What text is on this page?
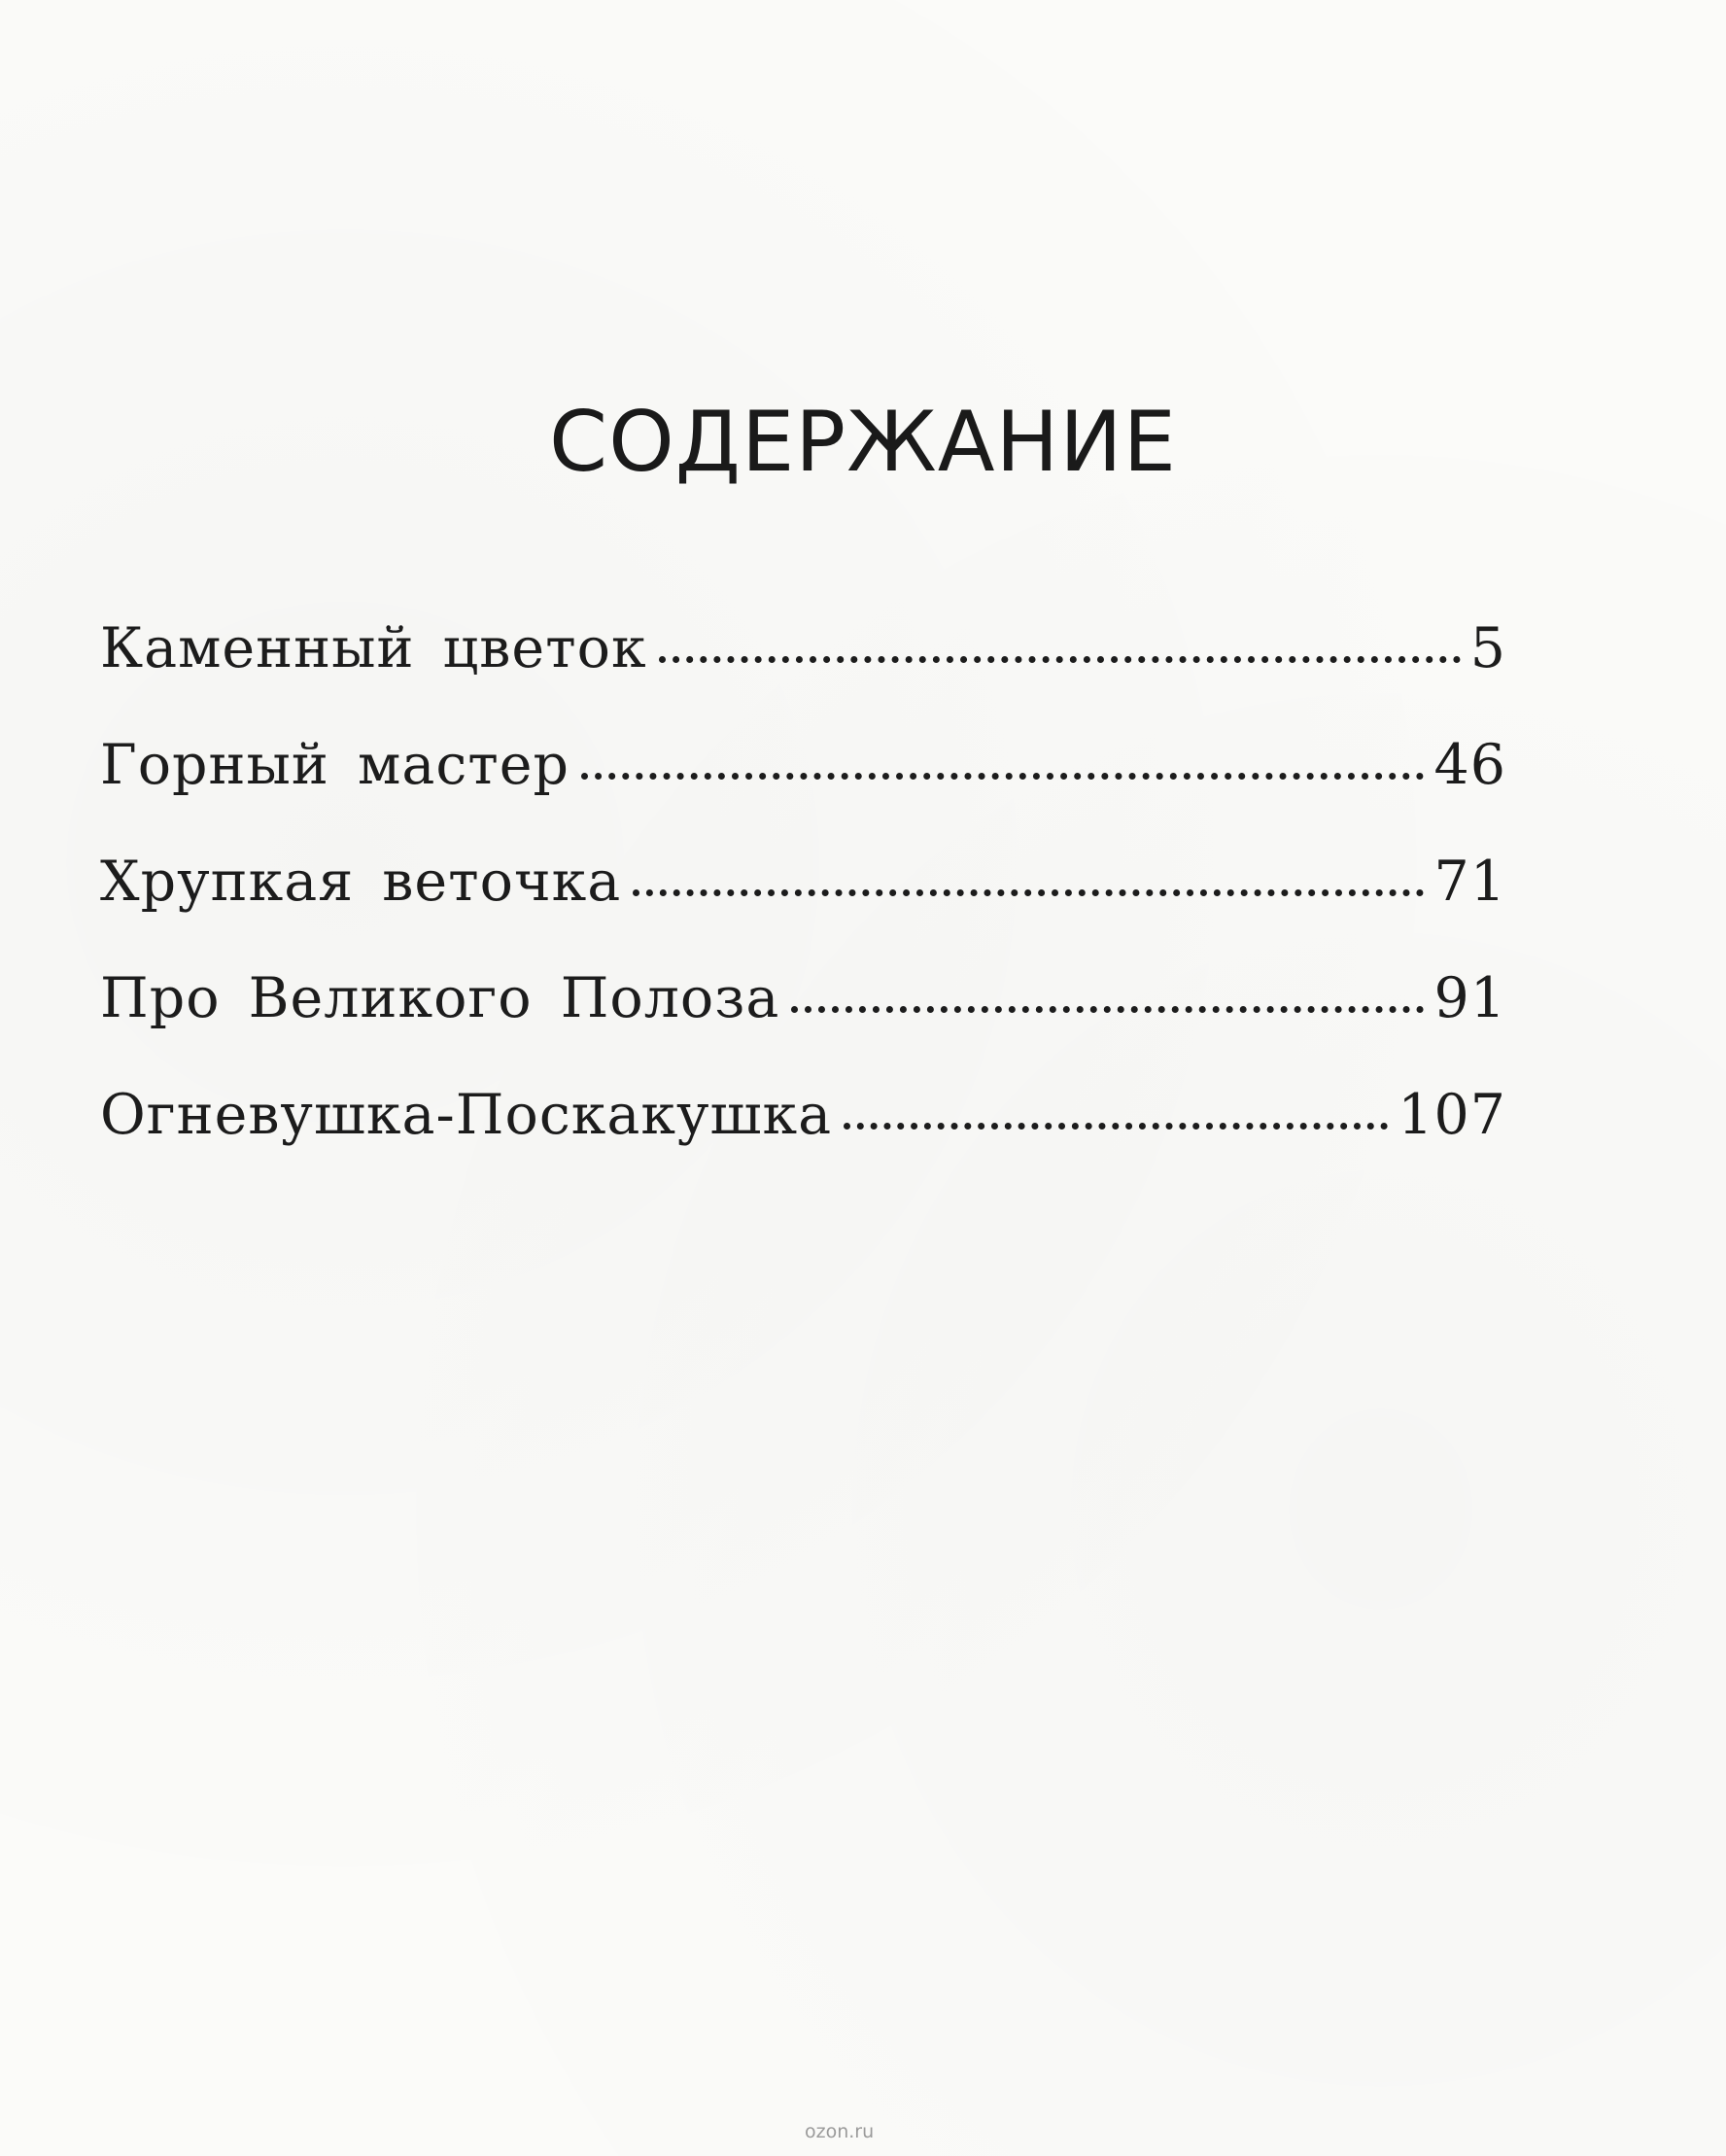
СОДЕРЖАНИЕ
Каменный цветок	5
Горный мастер	46
Хрупкая веточка	71
Про Великого Полоза	91
Огневушка-Поскакушка	107
ozon.ru
